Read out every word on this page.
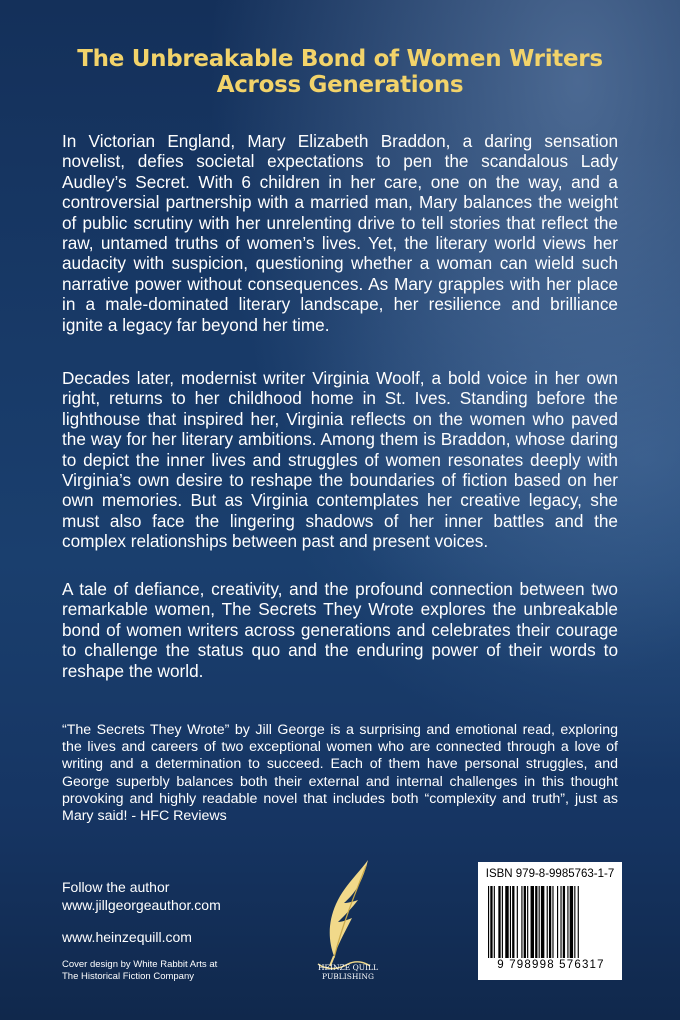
The Unbreakable Bond of Women Writers
Across Generations
In Victorian England, Mary Elizabeth Braddon, a daring sensation novelist, defies societal expectations to pen the scandalous Lady Audley’s Secret. With 6 children in her care, one on the way, and a controversial partnership with a married man, Mary balances the weight of public scrutiny with her unrelenting drive to tell stories that reflect the raw, untamed truths of women’s lives. Yet, the literary world views her audacity with suspicion, questioning whether a woman can wield such narrative power without consequences. As Mary grapples with her place in a male-dominated literary landscape, her resilience and brilliance ignite a legacy far beyond her time.
Decades later, modernist writer Virginia Woolf, a bold voice in her own right, returns to her childhood home in St. Ives. Standing before the lighthouse that inspired her, Virginia reflects on the women who paved the way for her literary ambitions. Among them is Braddon, whose daring to depict the inner lives and struggles of women resonates deeply with Virginia’s own desire to reshape the boundaries of fiction based on her own memories. But as Virginia contemplates her creative legacy, she must also face the lingering shadows of her inner battles and the complex relationships between past and present voices.
A tale of defiance, creativity, and the profound connection between two remarkable women, The Secrets They Wrote explores the unbreakable bond of women writers across generations and celebrates their courage to challenge the status quo and the enduring power of their words to reshape the world.
“The Secrets They Wrote” by Jill George is a surprising and emotional read, exploring the lives and careers of two exceptional women who are connected through a love of writing and a determination to succeed. Each of them have personal struggles, and George superbly balances both their external and internal challenges in this thought provoking and highly readable novel that includes both “complexity and truth”, just as Mary said! - HFC Reviews
Follow the author
www.jillgeorgeauthor.com
www.heinzequill.com
Cover design by White Rabbit Arts at
The Historical Fiction Company
HEINZE QUILL
PUBLISHING
ISBN 979-8-9985763-1-7
9 798998 576317
